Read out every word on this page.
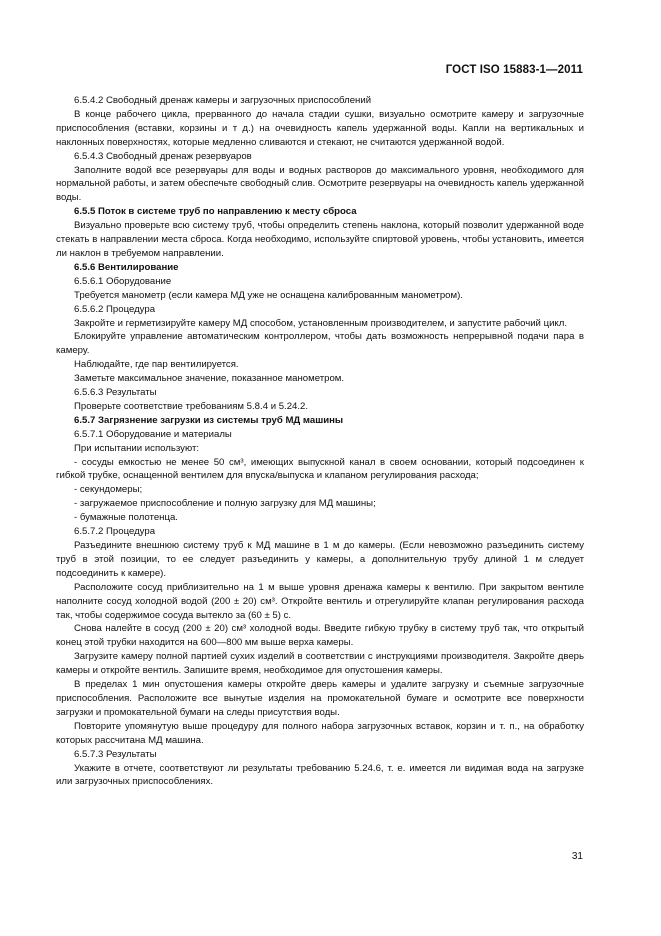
ГОСТ ISO 15883-1—2011

6.5.4.2 Свободный дренаж камеры и загрузочных приспособлений

В конце рабочего цикла, прерванного до начала стадии сушки, визуально осмотрите камеру и загрузочные приспособления (вставки, корзины и т д.) на очевидность капель удержанной воды. Капли на вертикальных и наклонных поверхностях, которые медленно сливаются и стекают, не считаются удержанной водой.

6.5.4.3 Свободный дренаж резервуаров

Заполните водой все резервуары для воды и водных растворов до максимального уровня, необходимого для нормальной работы, и затем обеспечьте свободный слив. Осмотрите резервуары на очевидность капель удержанной воды.

6.5.5 Поток в системе труб по направлению к месту сброса

Визуально проверьте всю систему труб, чтобы определить степень наклона, который позволит удержанной воде стекать в направлении места сброса. Когда необходимо, используйте спиртовой уровень, чтобы установить, имеется ли наклон в требуемом направлении.

6.5.6 Вентилирование

6.5.6.1 Оборудование

Требуется манометр (если камера МД уже не оснащена калиброванным манометром).

6.5.6.2 Процедура

Закройте и герметизируйте камеру МД способом, установленным производителем, и запустите рабочий цикл.

Блокируйте управление автоматическим контроллером, чтобы дать возможность непрерывной подачи пара в камеру.

Наблюдайте, где пар вентилируется.

Заметьте максимальное значение, показанное манометром.

6.5.6.3 Результаты

Проверьте соответствие требованиям 5.8.4 и 5.24.2.

6.5.7 Загрязнение загрузки из системы труб МД машины

6.5.7.1 Оборудование и материалы

При испытании используют:

- сосуды емкостью не менее 50 см³, имеющих выпускной канал в своем основании, который подсоединен к гибкой трубке, оснащенной вентилем для впуска/выпуска и клапаном регулирования расхода;

- секундомеры;

- загружаемое приспособление и полную загрузку для МД машины;

- бумажные полотенца.

6.5.7.2 Процедура

Разъедините внешнюю систему труб к МД машине в 1 м до камеры. (Если невозможно разъединить систему труб в этой позиции, то ее следует разъединить у камеры, а дополнительную трубу длиной 1 м следует подсоединить к камере).

Расположите сосуд приблизительно на 1 м выше уровня дренажа камеры к вентилю. При закрытом вентиле наполните сосуд холодной водой (200 ± 20) см³. Откройте вентиль и отрегулируйте клапан регулирования расхода так, чтобы содержимое сосуда вытекло за (60 ± 5) с.

Снова налейте в сосуд (200 ± 20) см³ холодной воды. Введите гибкую трубку в систему труб так, что открытый конец этой трубки находится на 600—800 мм выше верха камеры.

Загрузите камеру полной партией сухих изделий в соответствии с инструкциями производителя. Закройте дверь камеры и откройте вентиль. Запишите время, необходимое для опустошения камеры.

В пределах 1 мин опустошения камеры откройте дверь камеры и удалите загрузку и съемные загрузочные приспособления. Расположите все вынутые изделия на промокательной бумаге и осмотрите все поверхности загрузки и промокательной бумаги на следы присутствия воды.

Повторите упомянутую выше процедуру для полного набора загрузочных вставок, корзин и т. п., на обработку которых рассчитана МД машина.

6.5.7.3 Результаты

Укажите в отчете, соответствуют ли результаты требованию 5.24.6, т. е. имеется ли видимая вода на загрузке или загрузочных приспособлениях.

31
